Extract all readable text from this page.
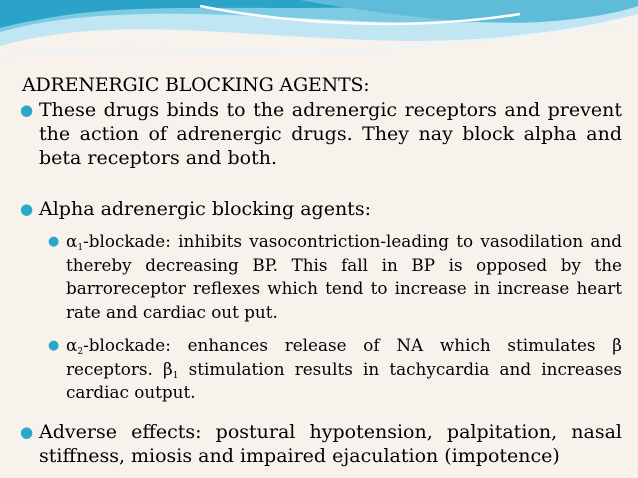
ADRENERGIC BLOCKING AGENTS:
● These drugs binds to the adrenergic receptors and prevent the action of adrenergic drugs. They nay block alpha and beta receptors and both.
● Alpha adrenergic blocking agents:
● $\alpha_1$-blockade: inhibits vasocontriction-leading to vasodilation and thereby decreasing BP. This fall in BP is opposed by the barroreceptor reflexes which tend to increase in increase heart rate and cardiac out put.
● $\alpha_2$-blockade: enhances release of NA which stimulates β receptors. $\beta_1$ stimulation results in tachycardia and increases cardiac output.
● Adverse effects: postural hypotension, palpitation, nasal stiffness, miosis and impaired ejaculation (impotence)
